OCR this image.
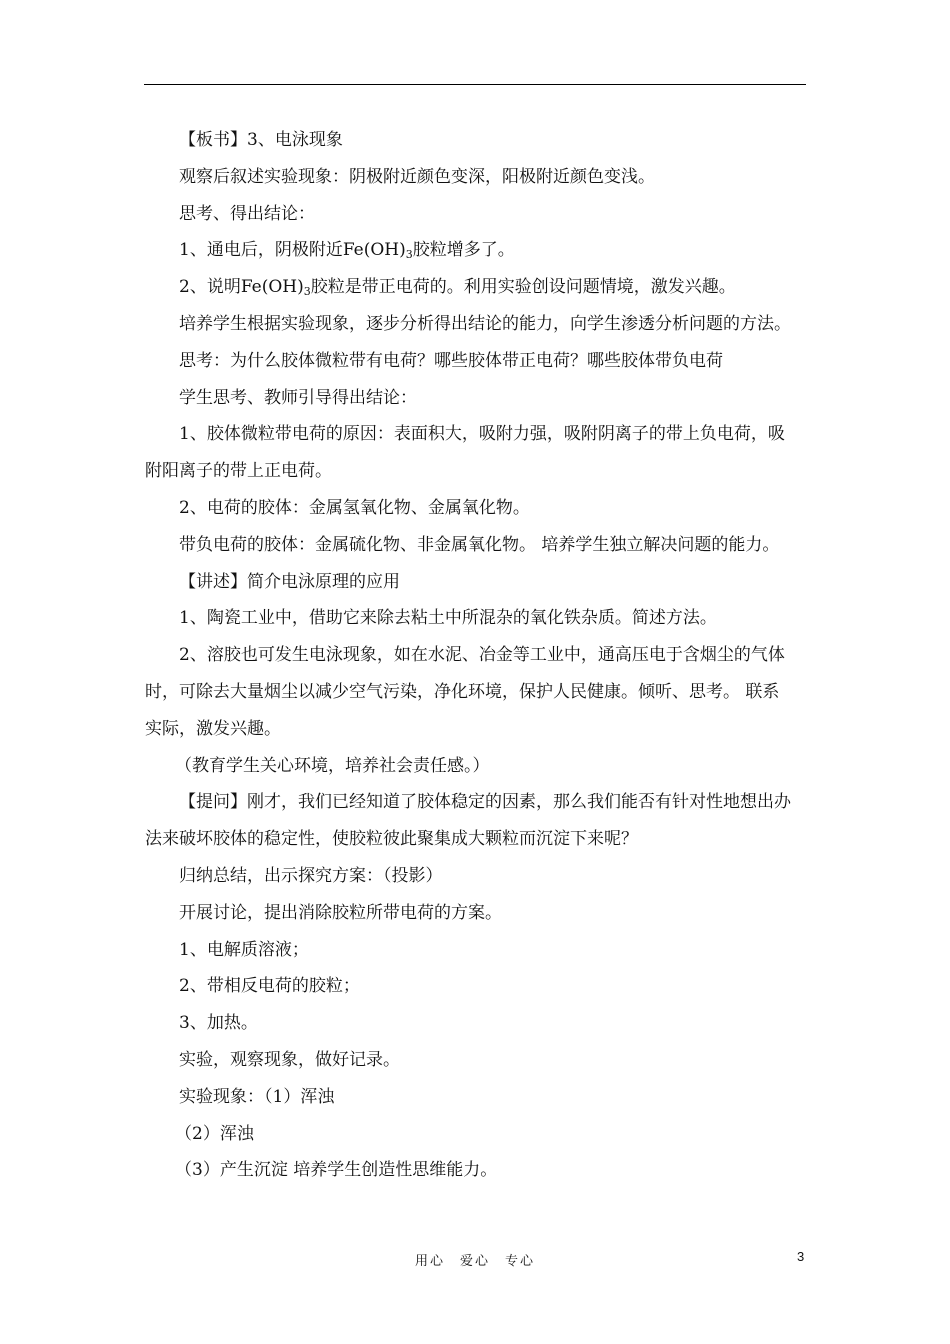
【板书】3、电泳现象

观察后叙述实验现象：阴极附近颜色变深，阳极附近颜色变浅。

思考、得出结论：

1、通电后，阴极附近$Fe(OH)_3$胶粒增多了。

2、说明$Fe(OH)_3$胶粒是带正电荷的。利用实验创设问题情境，激发兴趣。

培养学生根据实验现象，逐步分析得出结论的能力，向学生渗透分析问题的方法。

思考：为什么胶体微粒带有电荷？哪些胶体带正电荷？哪些胶体带负电荷

学生思考、教师引导得出结论：

1、胶体微粒带电荷的原因：表面积大，吸附力强，吸附阴离子的带上负电荷，吸附阳离子的带上正电荷。

2、电荷的胶体：金属氢氧化物、金属氧化物。

带负电荷的胶体：金属硫化物、非金属氧化物。 培养学生独立解决问题的能力。

【讲述】简介电泳原理的应用

1、陶瓷工业中，借助它来除去粘土中所混杂的氧化铁杂质。简述方法。

2、溶胶也可发生电泳现象，如在水泥、冶金等工业中，通高压电于含烟尘的气体时，可除去大量烟尘以减少空气污染，净化环境，保护人民健康。倾听、思考。 联系实际，激发兴趣。

（教育学生关心环境，培养社会责任感。）

【提问】刚才，我们已经知道了胶体稳定的因素，那么我们能否有针对性地想出办法来破坏胶体的稳定性，使胶粒彼此聚集成大颗粒而沉淀下来呢？

归纳总结，出示探究方案：（投影）

开展讨论，提出消除胶粒所带电荷的方案。

1、电解质溶液；

2、带相反电荷的胶粒；

3、加热。

实验，观察现象，做好记录。

实验现象：（1）浑浊

（2）浑浊

（3）产生沉淀 培养学生创造性思维能力。

用心　爱心　专心	3
